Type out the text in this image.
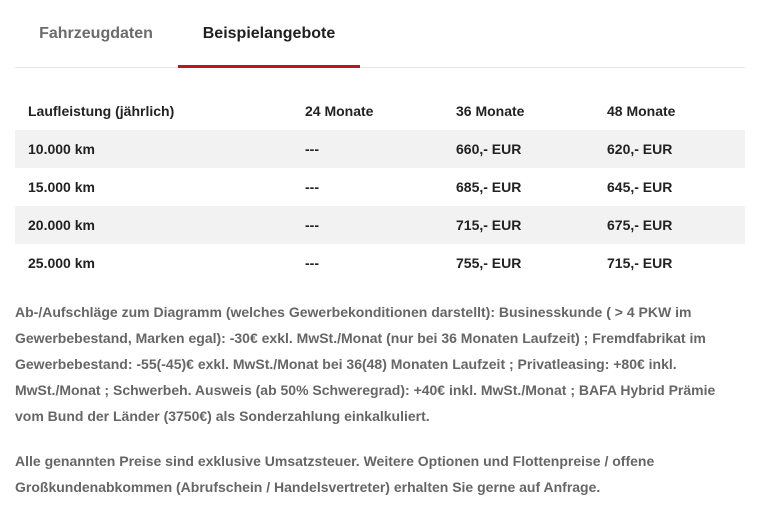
Fahrzeugdaten	Beispielangebote
Laufleistung (jährlich)	24 Monate	36 Monate	48 Monate
10.000 km	---	660,- EUR	620,- EUR
15.000 km	---	685,- EUR	645,- EUR
20.000 km	---	715,- EUR	675,- EUR
25.000 km	---	755,- EUR	715,- EUR

Ab-/Aufschläge zum Diagramm (welches Gewerbekonditionen darstellt): Businesskunde ( > 4 PKW im Gewerbebestand, Marken egal): -30€ exkl. MwSt./Monat (nur bei 36 Monaten Laufzeit) ; Fremdfabrikat im Gewerbebestand: -55(-45)€ exkl. MwSt./Monat bei 36(48) Monaten Laufzeit ; Privatleasing: +80€ inkl. MwSt./Monat ; Schwerbeh. Ausweis (ab 50% Schweregrad): +40€ inkl. MwSt./Monat ; BAFA Hybrid Prämie vom Bund der Länder (3750€) als Sonderzahlung einkalkuliert.

Alle genannten Preise sind exklusive Umsatzsteuer. Weitere Optionen und Flottenpreise / offene Großkundenabkommen (Abrufschein / Handelsvertreter) erhalten Sie gerne auf Anfrage.
